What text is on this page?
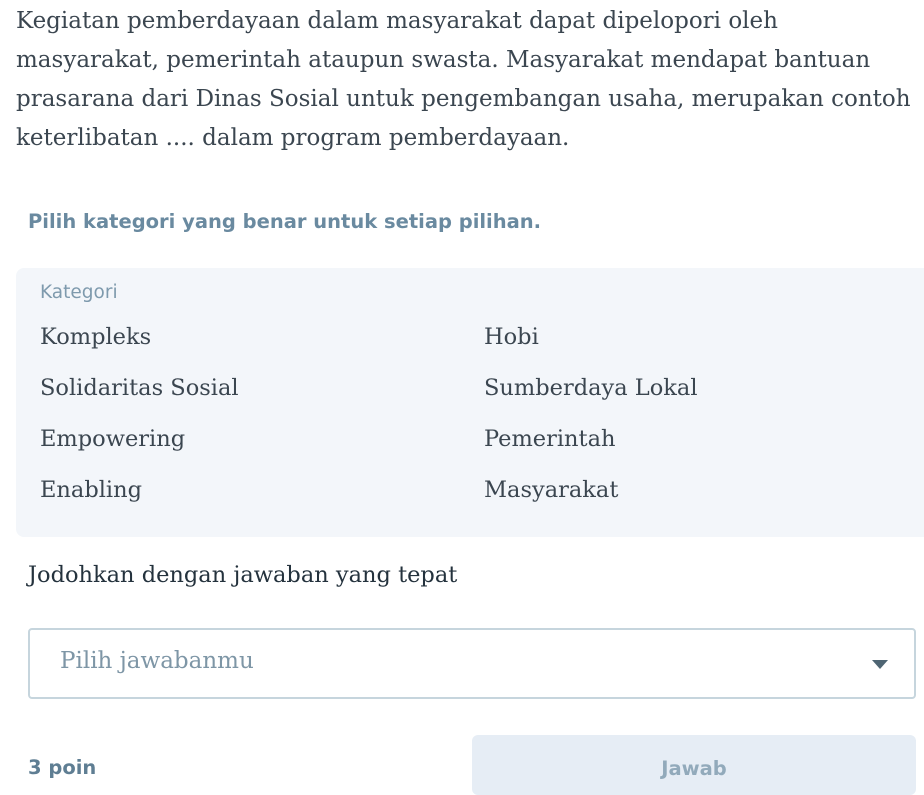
Kegiatan pemberdayaan dalam masyarakat dapat dipelopori oleh masyarakat, pemerintah ataupun swasta. Masyarakat mendapat bantuan prasarana dari Dinas Sosial untuk pengembangan usaha, merupakan contoh keterlibatan .... dalam program pemberdayaan.

Pilih kategori yang benar untuk setiap pilihan.

Kategori
Kompleks	Hobi
Solidaritas Sosial	Sumberdaya Lokal
Empowering	Pemerintah
Enabling	Masyarakat

Jodohkan dengan jawaban yang tepat

Pilih jawabanmu
3 poin	Jawab
